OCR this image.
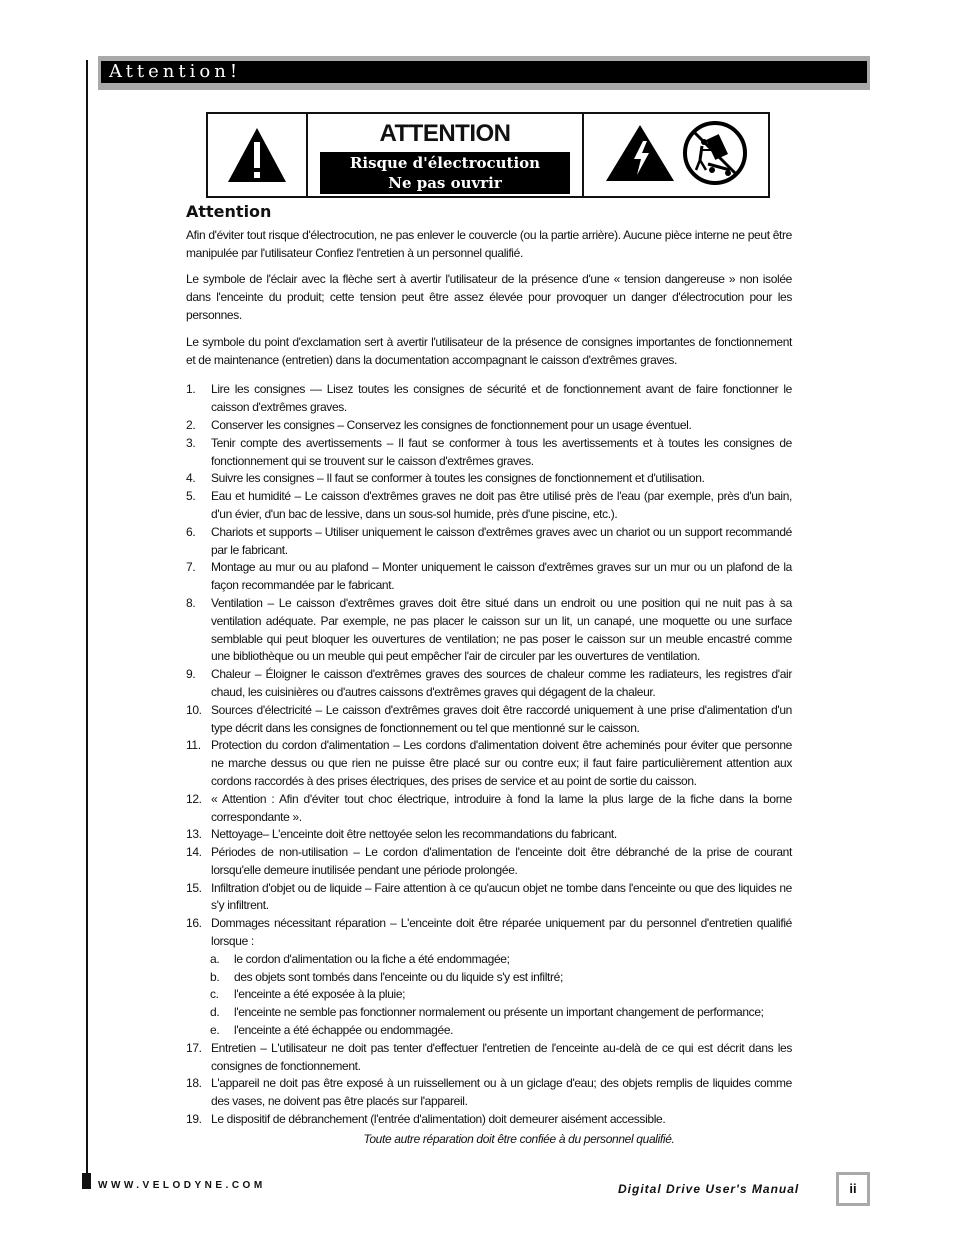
Attention!
ATTENTION
Risque d'électrocution
Ne pas ouvrir
Attention

Afin d'éviter tout risque d'électrocution, ne pas enlever le couvercle (ou la partie arrière). Aucune pièce interne ne peut être manipulée par l'utilisateur Confiez l'entretien à un personnel qualifié.

Le symbole de l'éclair avec la flèche sert à avertir l'utilisateur de la présence d'une « tension dangereuse » non isolée dans l'enceinte du produit; cette tension peut être assez élevée pour provoquer un danger d'électrocution pour les personnes.

Le symbole du point d'exclamation sert à avertir l'utilisateur de la présence de consignes importantes de fonctionnement et de maintenance (entretien) dans la documentation accompagnant le caisson d'extrêmes graves.

1.	Lire les consignes — Lisez toutes les consignes de sécurité et de fonctionnement avant de faire fonctionner le caisson d'extrêmes graves.
2.	Conserver les consignes – Conservez les consignes de fonctionnement pour un usage éventuel.
3.	Tenir compte des avertissements – Il faut se conformer à tous les avertissements et à toutes les consignes de fonctionnement qui se trouvent sur le caisson d'extrêmes graves.
4.	Suivre les consignes – Il faut se conformer à toutes les consignes de fonctionnement et d'utilisation.
5.	Eau et humidité – Le caisson d'extrêmes graves ne doit pas être utilisé près de l'eau (par exemple, près d'un bain, d'un évier, d'un bac de lessive, dans un sous-sol humide, près d'une piscine, etc.).
6.	Chariots et supports – Utiliser uniquement le caisson d'extrêmes graves avec un chariot ou un support recommandé par le fabricant.
7.	Montage au mur ou au plafond – Monter uniquement le caisson d'extrêmes graves sur un mur ou un plafond de la façon recommandée par le fabricant.
8.	Ventilation – Le caisson d'extrêmes graves doit être situé dans un endroit ou une position qui ne nuit pas à sa ventilation adéquate. Par exemple, ne pas placer le caisson sur un lit, un canapé, une moquette ou une surface semblable qui peut bloquer les ouvertures de ventilation; ne pas poser le caisson sur un meuble encastré comme une bibliothèque ou un meuble qui peut empêcher l'air de circuler par les ouvertures de ventilation.
9.	Chaleur – Éloigner le caisson d'extrêmes graves des sources de chaleur comme les radiateurs, les registres d'air chaud, les cuisinières ou d'autres caissons d'extrêmes graves qui dégagent de la chaleur.
10. Sources d'électricité – Le caisson d'extrêmes graves doit être raccordé uniquement à une prise d'alimentation d'un type décrit dans les consignes de fonctionnement ou tel que mentionné sur le caisson.
11. Protection du cordon d'alimentation – Les cordons d'alimentation doivent être acheminés pour éviter que personne ne marche dessus ou que rien ne puisse être placé sur ou contre eux; il faut faire particulièrement attention aux cordons raccordés à des prises électriques, des prises de service et au point de sortie du caisson.
12. « Attention : Afin d'éviter tout choc électrique, introduire à fond la lame la plus large de la fiche dans la borne correspondante ».
13. Nettoyage– L'enceinte doit être nettoyée selon les recommandations du fabricant.
14. Périodes de non-utilisation – Le cordon d'alimentation de l'enceinte doit être débranché de la prise de courant lorsqu'elle demeure inutilisée pendant une période prolongée.
15. Infiltration d'objet ou de liquide – Faire attention à ce qu'aucun objet ne tombe dans l'enceinte ou que des liquides ne s'y infiltrent.
16. Dommages nécessitant réparation – L'enceinte doit être réparée uniquement par du personnel d'entretien qualifié lorsque :
a.	le cordon d'alimentation ou la fiche a été endommagée;
b.	des objets sont tombés dans l'enceinte ou du liquide s'y est infiltré;
c.	l'enceinte a été exposée à la pluie;
d.	l'enceinte ne semble pas fonctionner normalement ou présente un important changement de performance;
e.	l'enceinte a été échappée ou endommagée.
17. Entretien – L'utilisateur ne doit pas tenter d'effectuer l'entretien de l'enceinte au-delà de ce qui est décrit dans les consignes de fonctionnement.
18. L'appareil ne doit pas être exposé à un ruissellement ou à un giclage d'eau; des objets remplis de liquides comme des vases, ne doivent pas être placés sur l'appareil.
19. Le dispositif de débranchement (l'entrée d'alimentation) doit demeurer aisément accessible.
Toute autre réparation doit être confiée à du personnel qualifié.
WWW.VELODYNE.COM	Digital Drive User's Manual	ii
